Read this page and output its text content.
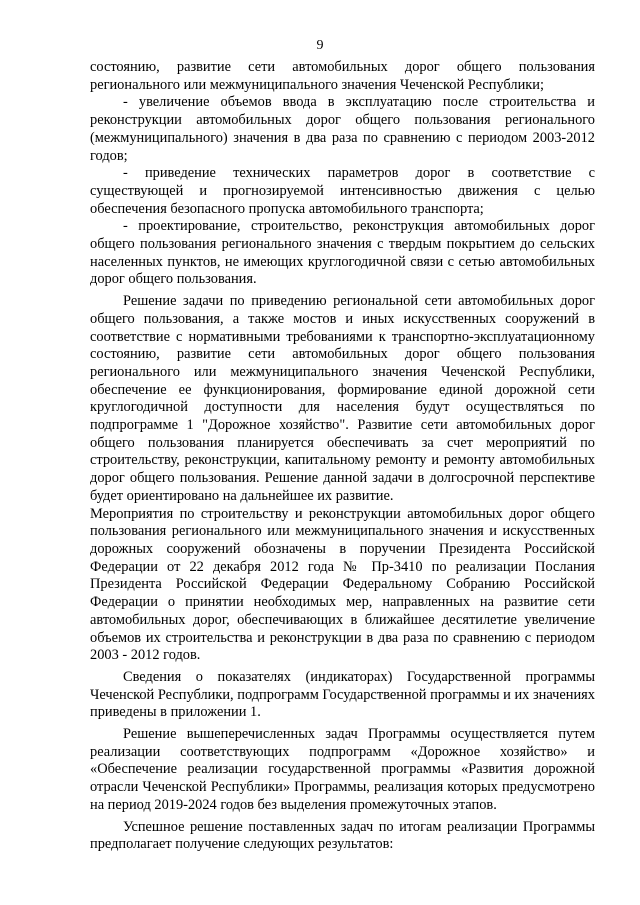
9

состоянию, развитие сети автомобильных дорог общего пользования регионального или межмуниципального значения Чеченской Республики;

- увеличение объемов ввода в эксплуатацию после строительства и реконструкции автомобильных дорог общего пользования регионального (межмуниципального) значения в два раза по сравнению с периодом 2003-2012 годов;

- приведение технических параметров дорог в соответствие с существующей и прогнозируемой интенсивностью движения с целью обеспечения безопасного пропуска автомобильного транспорта;

- проектирование, строительство, реконструкция автомобильных дорог общего пользования регионального значения с твердым покрытием до сельских населенных пунктов, не имеющих круглогодичной связи с сетью автомобильных дорог общего пользования.

Решение задачи по приведению региональной сети автомобильных дорог общего пользования, а также мостов и иных искусственных сооружений в соответствие с нормативными требованиями к транспортно-эксплуатационному состоянию, развитие сети автомобильных дорог общего пользования регионального или межмуниципального значения Чеченской Республики, обеспечение ее функционирования, формирование единой дорожной сети круглогодичной доступности для населения будут осуществляться по подпрограмме 1 "Дорожное хозяйство". Развитие сети автомобильных дорог общего пользования планируется обеспечивать за счет мероприятий по строительству, реконструкции, капитальному ремонту и ремонту автомобильных дорог общего пользования. Решение данной задачи в долгосрочной перспективе будет ориентировано на дальнейшее их развитие.

Мероприятия по строительству и реконструкции автомобильных дорог общего пользования регионального или межмуниципального значения и искусственных дорожных сооружений обозначены в поручении Президента Российской Федерации от 22 декабря 2012 года № Пр-3410 по реализации Послания Президента Российской Федерации Федеральному Собранию Российской Федерации о принятии необходимых мер, направленных на развитие сети автомобильных дорог, обеспечивающих в ближайшее десятилетие увеличение объемов их строительства и реконструкции в два раза по сравнению с периодом 2003 - 2012 годов.

Сведения о показателях (индикаторах) Государственной программы Чеченской Республики, подпрограмм Государственной программы и их значениях приведены в приложении 1.

Решение вышеперечисленных задач Программы осуществляется путем реализации соответствующих подпрограмм «Дорожное хозяйство» и «Обеспечение реализации государственной программы «Развития дорожной отрасли Чеченской Республики» Программы, реализация которых предусмотрено на период 2019-2024 годов без выделения промежуточных этапов.

Успешное решение поставленных задач по итогам реализации Программы предполагает получение следующих результатов:
